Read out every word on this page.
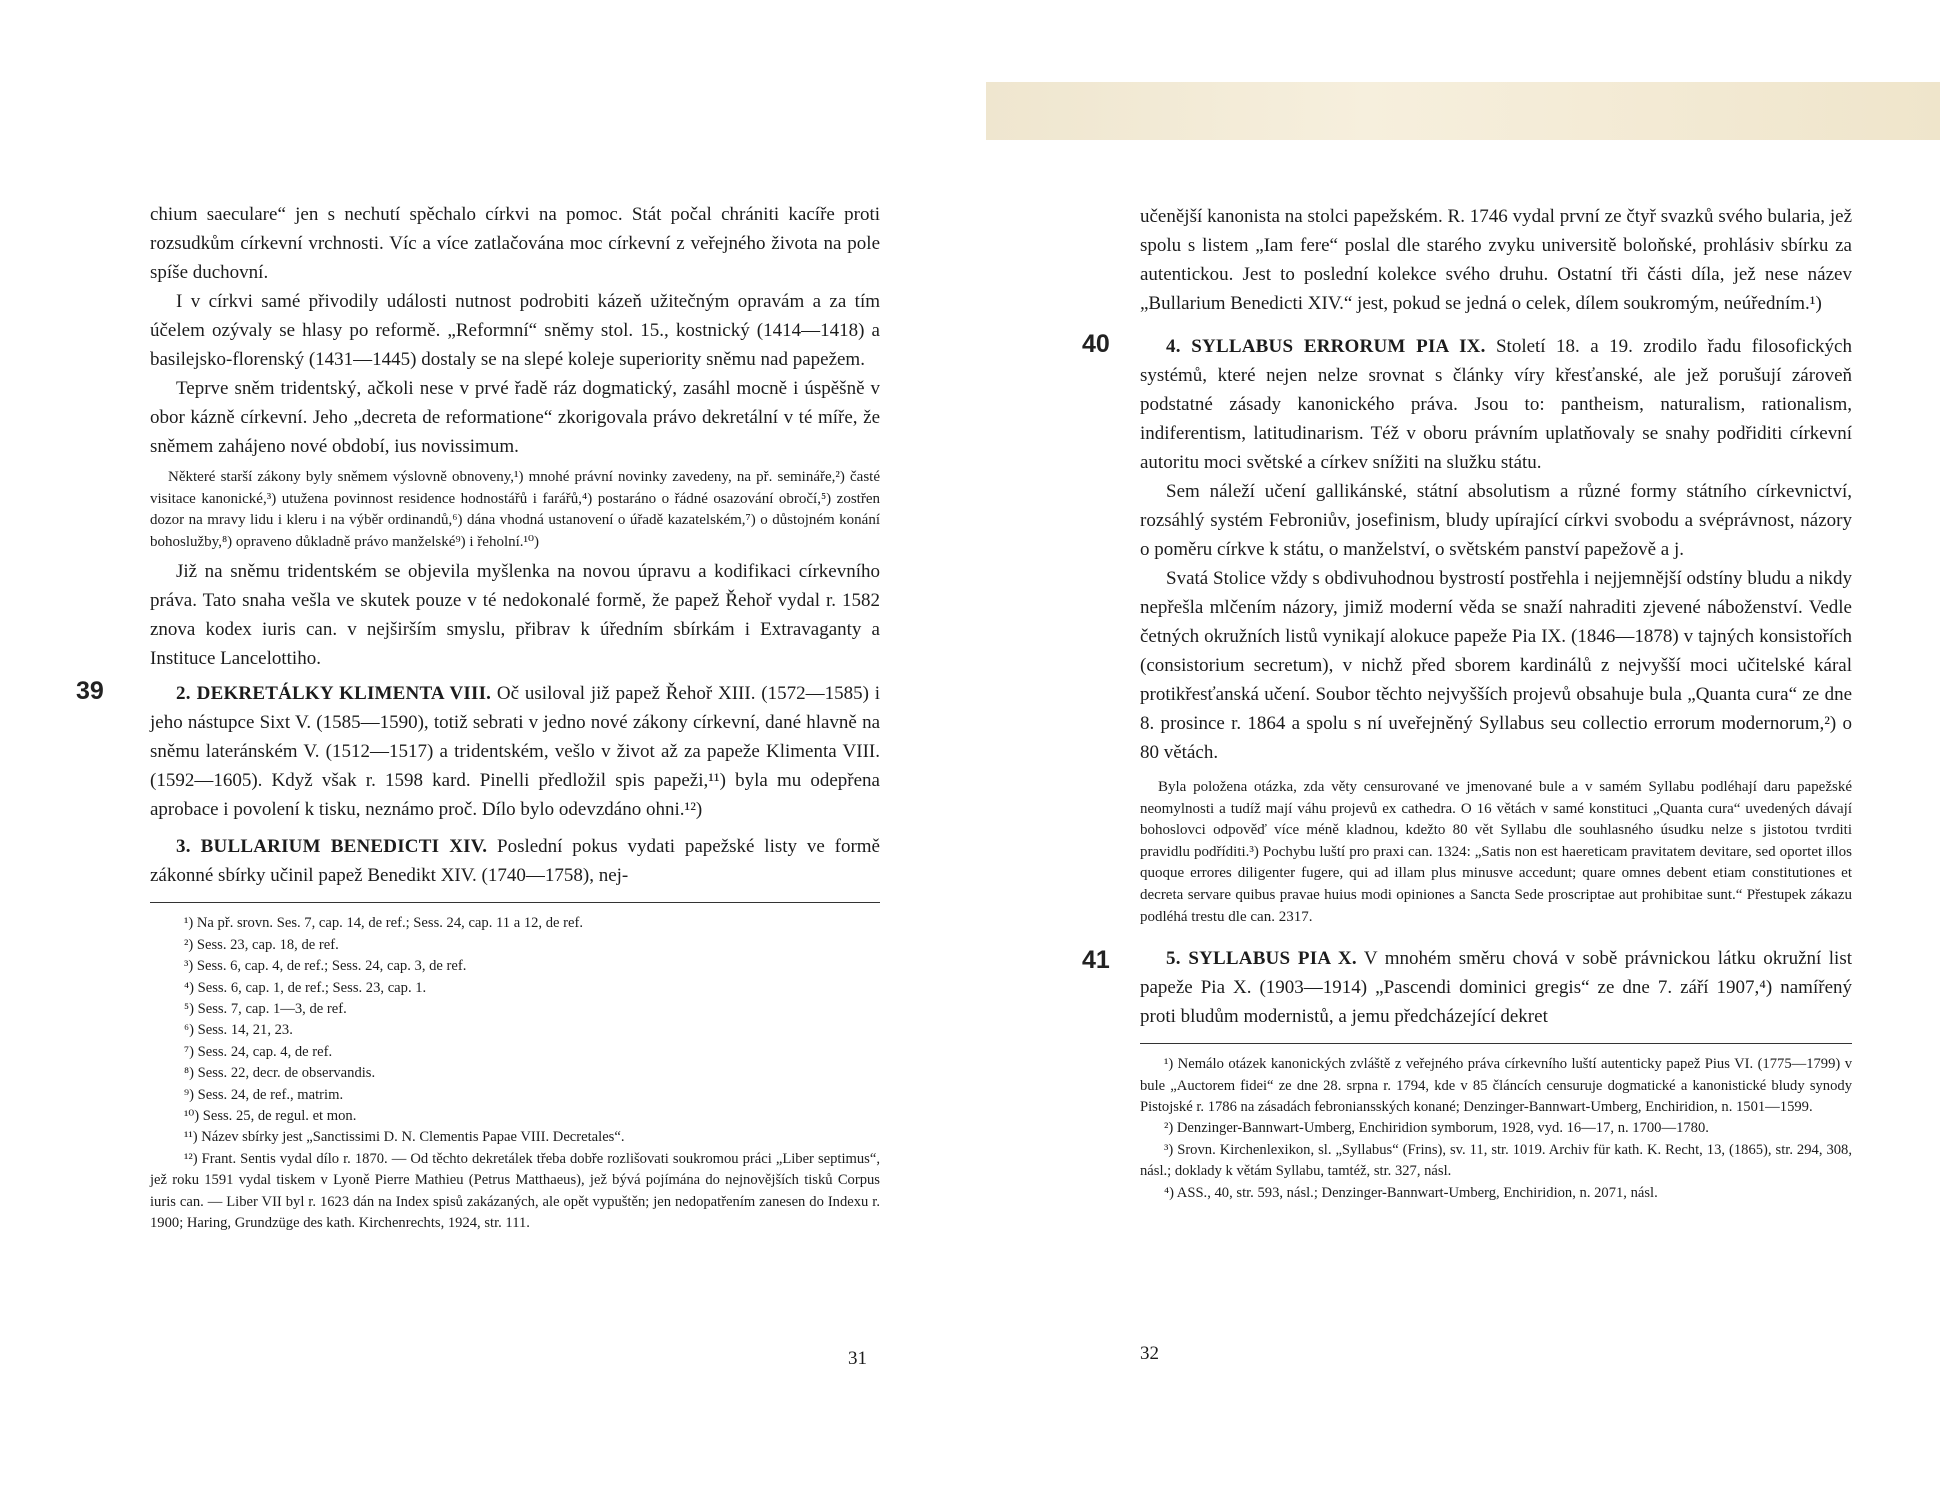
chium saeculare“ jen s nechutí spěchalo církvi na pomoc. Stát počal chrániti kacíře proti rozsudkům církevní vrchnosti. Víc a více zatlačována moc církevní z veřejného života na pole spíše duchovní.

I v církvi samé přivodily události nutnost podrobiti kázeň užitečným opravám a za tím účelem ozývaly se hlasy po reformě. „Reformní“ sněmy stol. 15., kostnický (1414—1418) a basilejsko-florenský (1431—1445) dostaly se na slepé koleje superiority sněmu nad papežem.

Teprve sněm tridentský, ačkoli nese v prvé řadě ráz dogmatický, zasáhl mocně i úspěšně v obor kázně církevní. Jeho „decreta de reformatione“ zkorigovala právo dekretální v té míře, že sněmem zahájeno nové období, ius novissimum.

Některé starší zákony byly sněmem výslovně obnoveny,¹) mnohé právní novinky zavedeny, na př. semináře,²) časté visitace kanonické,³) utužena povinnost residence hodnostářů i farářů,⁴) postaráno o řádné osazování obročí,⁵) zostřen dozor na mravy lidu i kleru i na výběr ordinandů,⁶) dána vhodná ustanovení o úřadě kazatelském,⁷) o důstojném konání bohoslužby,⁸) opraveno důkladně právo manželské⁹) i řeholní.¹⁰)

Již na sněmu tridentském se objevila myšlenka na novou úpravu a kodifikaci církevního práva. Tato snaha vešla ve skutek pouze v té nedokonalé formě, že papež Řehoř vydal r. 1582 znova kodex iuris can. v nejširším smyslu, přibrav k úředním sbírkám i Extravaganty a Instituce Lancelottiho.

39	2. DEKRETÁLKY KLIMENTA VIII. Oč usiloval již papež Řehoř XIII. (1572—1585) i jeho nástupce Sixt V. (1585—1590), totiž sebrati v jedno nové zákony církevní, dané hlavně na sněmu lateránském V. (1512—1517) a tridentském, vešlo v život až za papeže Klimenta VIII. (1592—1605). Když však r. 1598 kard. Pinelli předložil spis papeži,¹¹) byla mu odepřena aprobace i povolení k tisku, neznámo proč. Dílo bylo odevzdáno ohni.¹²)

3. BULLARIUM BENEDICTI XIV. Poslední pokus vydati papežské listy ve formě zákonné sbírky učinil papež Benedikt XIV. (1740—1758), nej-

¹) Na př. srovn. Ses. 7, cap. 14, de ref.; Sess. 24, cap. 11 a 12, de ref.
²) Sess. 23, cap. 18, de ref.
³) Sess. 6, cap. 4, de ref.; Sess. 24, cap. 3, de ref.
⁴) Sess. 6, cap. 1, de ref.; Sess. 23, cap. 1.
⁵) Sess. 7, cap. 1—3, de ref.
⁶) Sess. 14, 21, 23.
⁷) Sess. 24, cap. 4, de ref.
⁸) Sess. 22, decr. de observandis.
⁹) Sess. 24, de ref., matrim.
¹⁰) Sess. 25, de regul. et mon.
¹¹) Název sbírky jest „Sanctissimi D. N. Clementis Papae VIII. Decretales“.
¹²) Frant. Sentis vydal dílo r. 1870. — Od těchto dekretálek třeba dobře rozlišovati soukromou práci „Liber septimus“, jež roku 1591 vydal tiskem v Lyoně Pierre Mathieu (Petrus Matthaeus), jež bývá pojímána do nejnovějších tisků Corpus iuris can. — Liber VII byl r. 1623 dán na Index spisů zakázaných, ale opět vypuštěn; jen nedopatřením zanesen do Indexu r. 1900; Haring, Grundzüge des kath. Kirchenrechts, 1924, str. 111.
31

učenější kanonista na stolci papežském. R. 1746 vydal první ze čtyř svazků svého bularia, jež spolu s listem „Iam fere“ poslal dle starého zvyku universitě boloňské, prohlásiv sbírku za autentickou. Jest to poslední kolekce svého druhu. Ostatní tři části díla, jež nese název „Bullarium Benedicti XIV.“ jest, pokud se jedná o celek, dílem soukromým, neúředním.¹)

40	4. SYLLABUS ERRORUM PIA IX. Století 18. a 19. zrodilo řadu filosofických systémů, které nejen nelze srovnat s články víry křesťanské, ale jež porušují zároveň podstatné zásady kanonického práva. Jsou to: pantheism, naturalism, rationalism, indiferentism, latitudinarism. Též v oboru právním uplatňovaly se snahy podřiditi církevní autoritu moci světské a církev snížiti na služku státu.

Sem náleží učení gallikánské, státní absolutism a různé formy státního církevnictví, rozsáhlý systém Febroniův, josefinism, bludy upírající církvi svobodu a svéprávnost, názory o poměru církve k státu, o manželství, o světském panství papežově a j.

Svatá Stolice vždy s obdivuhodnou bystrostí postřehla i nejjemnější odstíny bludu a nikdy nepřešla mlčením názory, jimiž moderní věda se snaží nahraditi zjevené náboženství. Vedle četných okružních listů vynikají alokuce papeže Pia IX. (1846—1878) v tajných konsistořích (consistorium secretum), v nichž před sborem kardinálů z nejvyšší moci učitelské káral protikřesťanská učení. Soubor těchto nejvyšších projevů obsahuje bula „Quanta cura“ ze dne 8. prosince r. 1864 a spolu s ní uveřejněný Syllabus seu collectio errorum modernorum,²) o 80 větách.

Byla položena otázka, zda věty censurované ve jmenované bule a v samém Syllabu podléhají daru papežské neomylnosti a tudíž mají váhu projevů ex cathedra. O 16 větách v samé konstituci „Quanta cura“ uvedených dávají bohoslovci odpověď více méně kladnou, kdežto 80 vět Syllabu dle souhlasného úsudku nelze s jistotou tvrditi pravidlu podříditi.³) Pochybu luští pro praxi can. 1324: „Satis non est haereticam pravitatem devitare, sed oportet illos quoque errores diligenter fugere, qui ad illam plus minusve accedunt; quare omnes debent etiam constitutiones et decreta servare quibus pravae huius modi opiniones a Sancta Sede proscriptae aut prohibitae sunt.“ Přestupek zákazu podléhá trestu dle can. 2317.

41	5. SYLLABUS PIA X. V mnohém směru chová v sobě právnickou látku okružní list papeže Pia X. (1903—1914) „Pascendi dominici gregis“ ze dne 7. září 1907,⁴) namířený proti bludům modernistů, a jemu předcházející dekret

¹) Nemálo otázek kanonických zvláště z veřejného práva církevního luští autenticky papež Pius VI. (1775—1799) v bule „Auctorem fidei“ ze dne 28. srpna r. 1794, kde v 85 článcích censuruje dogmatické a kanonistické bludy synody Pistojské r. 1786 na zásadách febroniansských konané; Denzinger-Bannwart-Umberg, Enchiridion, n. 1501—1599.
²) Denzinger-Bannwart-Umberg, Enchiridion symborum, 1928, vyd. 16—17, n. 1700—1780.
³) Srovn. Kirchenlexikon, sl. „Syllabus“ (Frins), sv. 11, str. 1019. Archiv für kath. K. Recht, 13, (1865), str. 294, 308, násl.; doklady k větám Syllabu, tamtéž, str. 327, násl.
⁴) ASS., 40, str. 593, násl.; Denzinger-Bannwart-Umberg, Enchiridion, n. 2071, násl.
32
